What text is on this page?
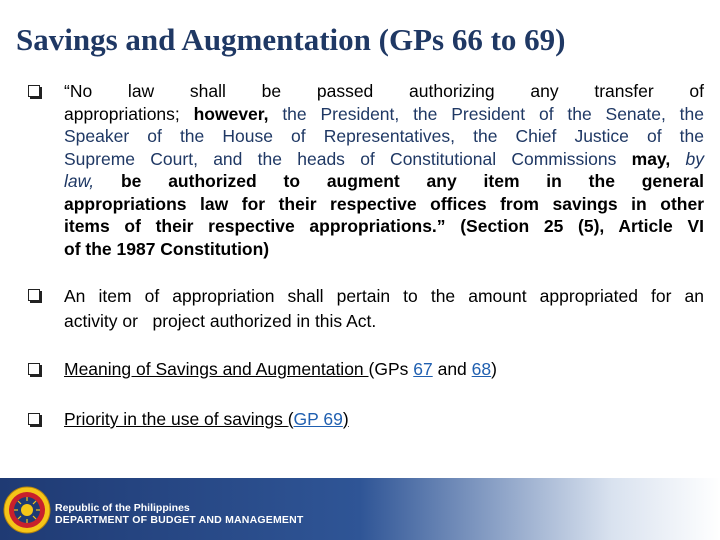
Savings and Augmentation (GPs 66 to 69)
“No law shall be passed authorizing any transfer of
appropriations; however, the President, the President of the Senate, the
Speaker of the House of Representatives, the Chief Justice of the
Supreme Court, and the heads of Constitutional Commissions may, by
law, be authorized to augment any item in the general
appropriations law for their respective offices from savings in other
items of their respective appropriations.” (Section 25 (5), Article VI
of the 1987 Constitution)
An item of appropriation shall pertain to the amount appropriated for an
activity or   project authorized in this Act.
Meaning of Savings and Augmentation (GPs 67 and 68)
Priority in the use of savings (GP 69)
Republic of the Philippines
DEPARTMENT OF BUDGET AND MANAGEMENT
